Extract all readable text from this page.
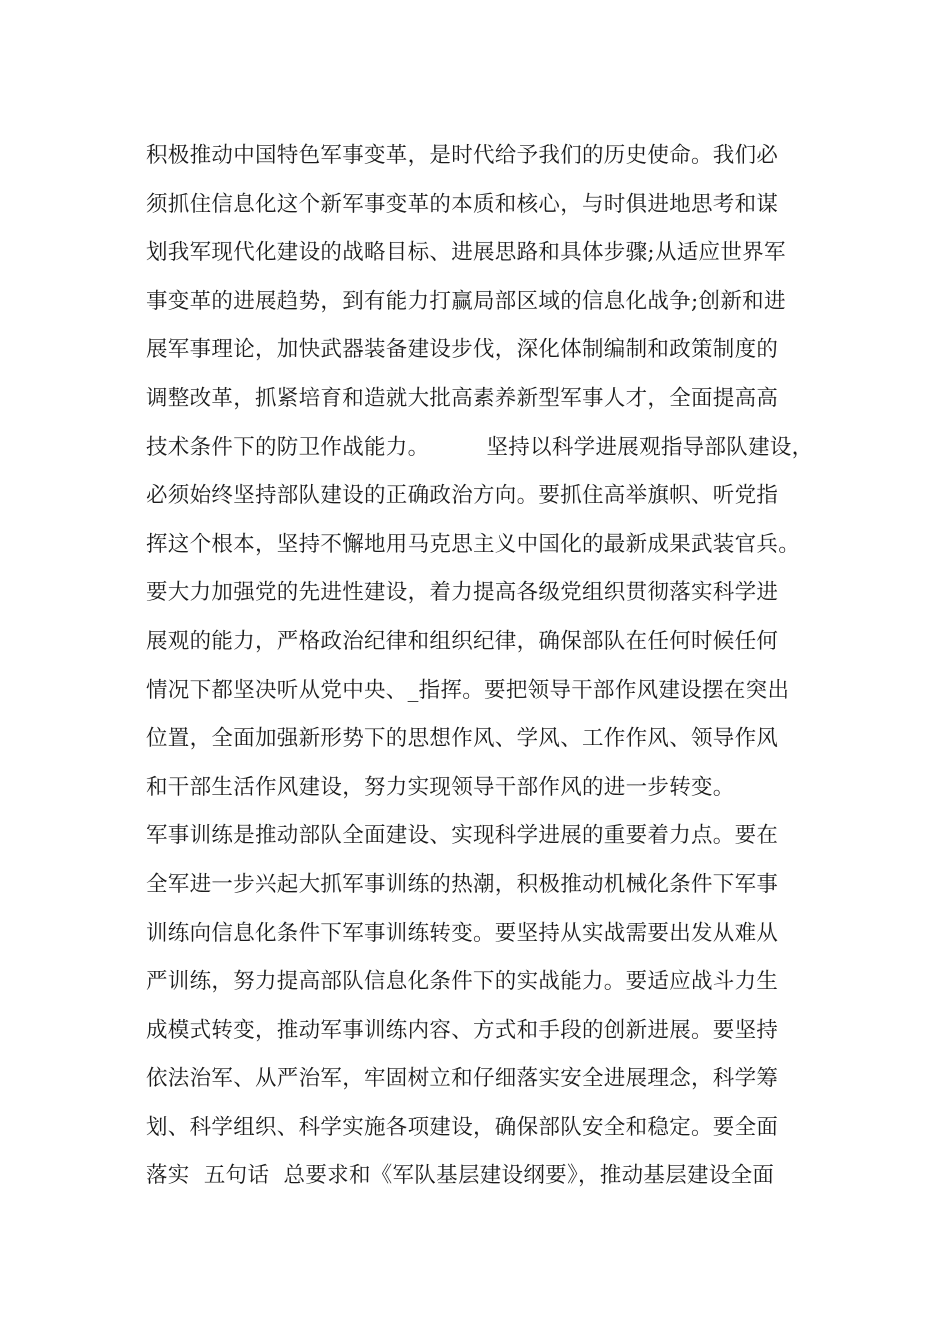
积极推动中国特色军事变革，是时代给予我们的历史使命。我们必
须抓住信息化这个新军事变革的本质和核心，与时俱进地思考和谋
划我军现代化建设的战略目标、进展思路和具体步骤;从适应世界军
事变革的进展趋势，到有能力打赢局部区域的信息化战争;创新和进
展军事理论，加快武器装备建设步伐，深化体制编制和政策制度的
调整改革，抓紧培育和造就大批高素养新型军事人才，全面提高高
技术条件下的防卫作战能力。        坚持以科学进展观指导部队建设，
必须始终坚持部队建设的正确政治方向。要抓住高举旗帜、听党指
挥这个根本，坚持不懈地用马克思主义中国化的最新成果武装官兵。
要大力加强党的先进性建设，着力提高各级党组织贯彻落实科学进
展观的能力，严格政治纪律和组织纪律，确保部队在任何时候任何
情况下都坚决听从党中央、_指挥。要把领导干部作风建设摆在突出
位置，全面加强新形势下的思想作风、学风、工作作风、领导作风
和干部生活作风建设，努力实现领导干部作风的进一步转变。
军事训练是推动部队全面建设、实现科学进展的重要着力点。要在
全军进一步兴起大抓军事训练的热潮，积极推动机械化条件下军事
训练向信息化条件下军事训练转变。要坚持从实战需要出发从难从
严训练，努力提高部队信息化条件下的实战能力。要适应战斗力生
成模式转变，推动军事训练内容、方式和手段的创新进展。要坚持
依法治军、从严治军，牢固树立和仔细落实安全进展理念，科学筹
划、科学组织、科学实施各项建设，确保部队安全和稳定。要全面
落实  五句话  总要求和《军队基层建设纲要》，推动基层建设全面
